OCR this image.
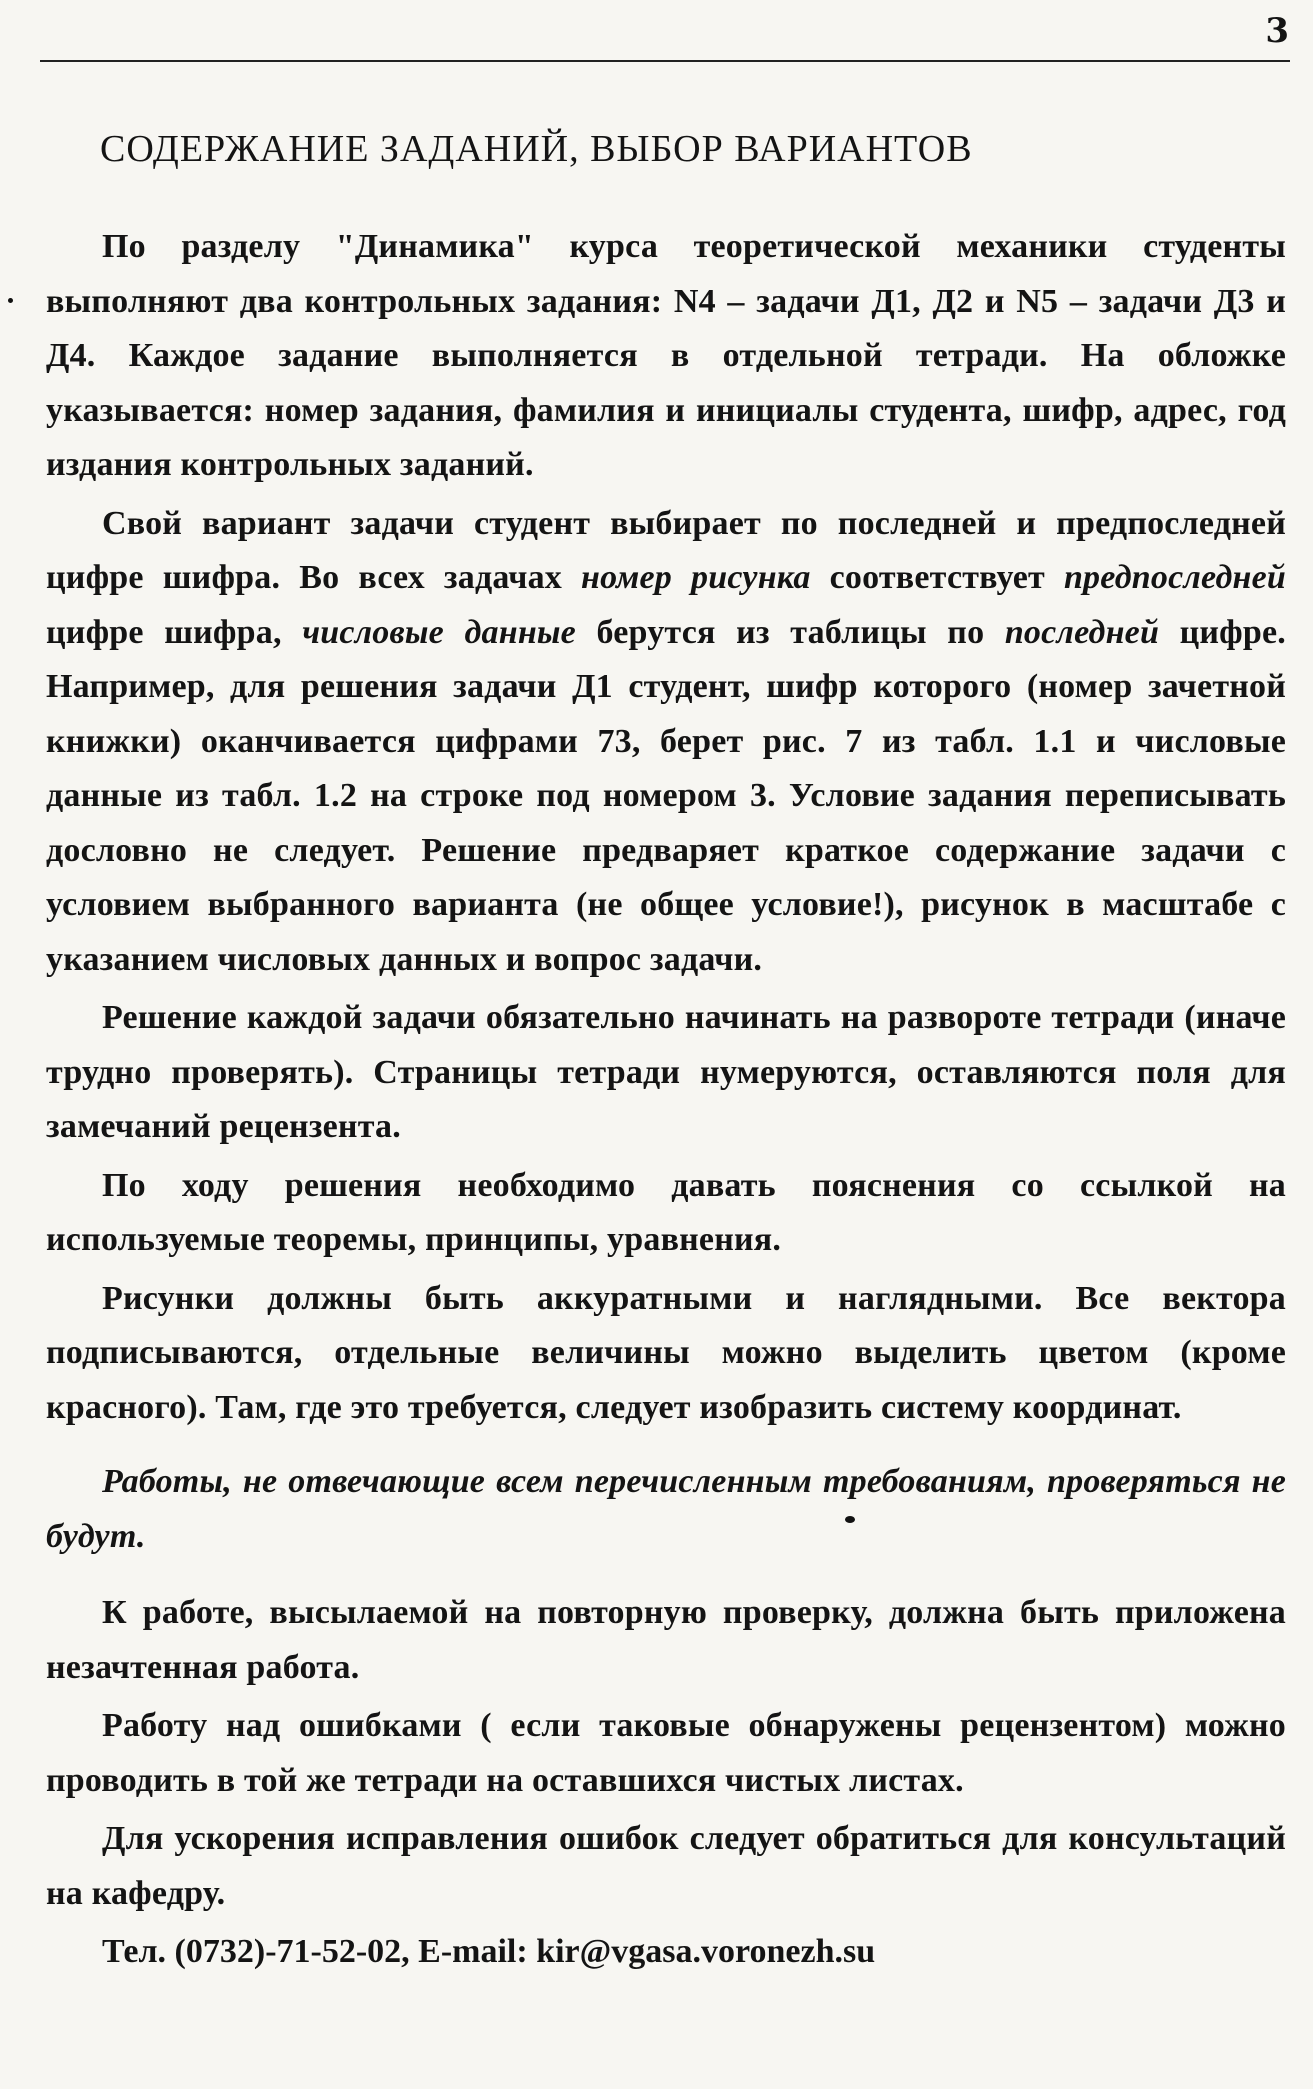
3
СОДЕРЖАНИЕ ЗАДАНИЙ, ВЫБОР ВАРИАНТОВ

По разделу "Динамика" курса теоретической механики студенты выполняют два контрольных задания: N4 – задачи Д1, Д2 и N5 – задачи Д3 и Д4. Каждое задание выполняется в отдельной тетради. На обложке указывается: номер задания, фамилия и инициалы студента, шифр, адрес, год издания контрольных заданий.

Свой вариант задачи студент выбирает по последней и предпоследней цифре шифра. Во всех задачах номер рисунка соответствует предпоследней цифре шифра, числовые данные берутся из таблицы по последней цифре. Например, для решения задачи Д1 студент, шифр которого (номер зачетной книжки) оканчивается цифрами 73, берет рис. 7 из табл. 1.1 и числовые данные из табл. 1.2 на строке под номером 3. Условие задания переписывать дословно не следует. Решение предваряет краткое содержание задачи с условием выбранного варианта (не общее условие!), рисунок в масштабе с указанием числовых данных и вопрос задачи.

Решение каждой задачи обязательно начинать на развороте тетради (иначе трудно проверять). Страницы тетради нумеруются, оставляются поля для замечаний рецензента.

По ходу решения необходимо давать пояснения со ссылкой на используемые теоремы, принципы, уравнения.

Рисунки должны быть аккуратными и наглядными. Все вектора подписываются, отдельные величины можно выделить цветом (кроме красного). Там, где это требуется, следует изобразить систему координат.

Работы, не отвечающие всем перечисленным требованиям, проверяться не будут.

К работе, высылаемой на повторную проверку, должна быть приложена незачтенная работа.

Работу над ошибками ( если таковые обнаружены рецензентом) можно проводить в той же тетради на оставшихся чистых листах.

Для ускорения исправления ошибок следует обратиться для консультаций на кафедру.

Тел. (0732)-71-52-02, E-mail: kir@vgasa.voronezh.su
